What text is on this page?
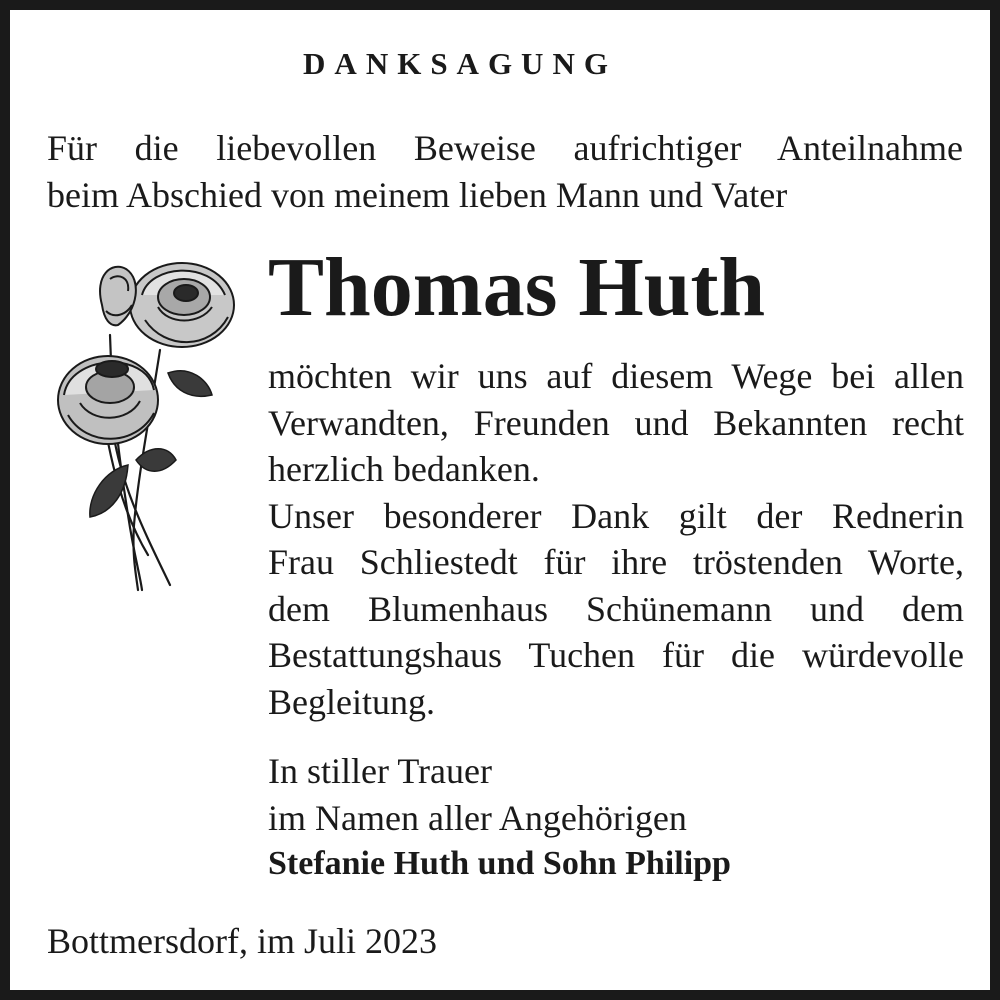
DANKSAGUNG
Für die liebevollen Beweise aufrichtiger Anteilnahme
beim Abschied von meinem lieben Mann und Vater
Thomas Huth
möchten wir uns auf diesem Wege bei allen
Verwandten, Freunden und Bekannten recht
herzlich bedanken.
Unser besonderer Dank gilt der Rednerin
Frau Schliestedt für ihre tröstenden Worte,
dem Blumenhaus Schünemann und dem
Bestattungshaus Tuchen für die würdevolle
Begleitung.
In stiller Trauer
im Namen aller Angehörigen
Stefanie Huth und Sohn Philipp
Bottmersdorf, im Juli 2023
